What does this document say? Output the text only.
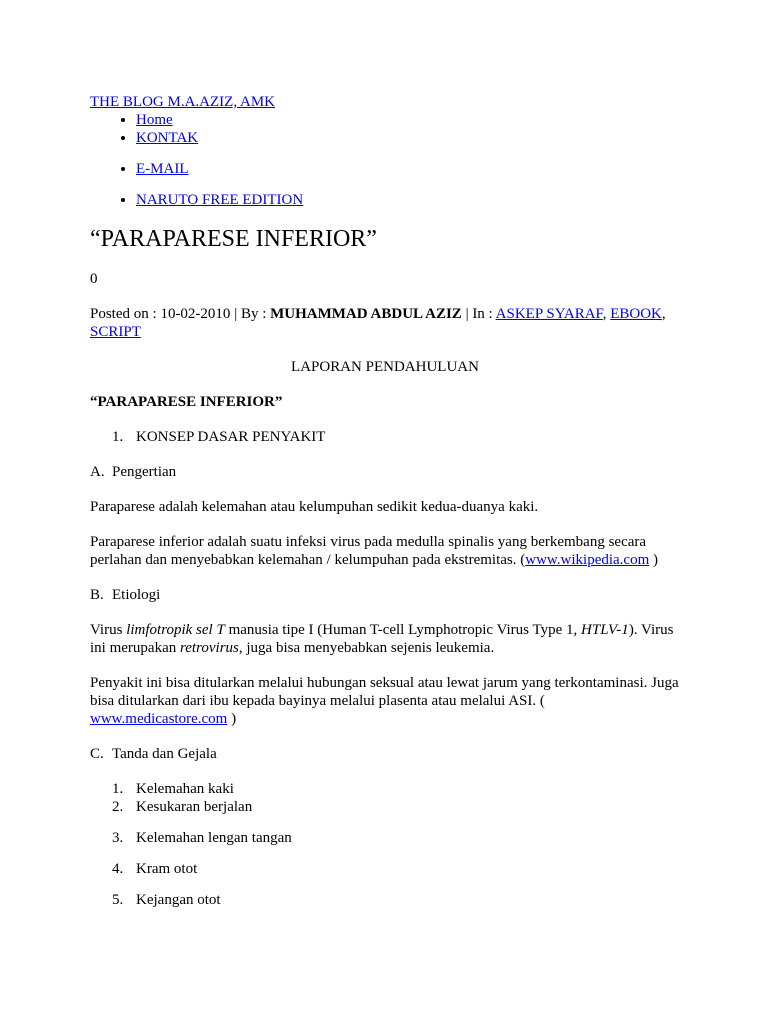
THE BLOG M.A.AZIZ, AMK
• Home
• KONTAK
• E-MAIL
• NARUTO FREE EDITION
“PARAPARESE INFERIOR”

0

Posted on : 10-02-2010 | By : MUHAMMAD ABDUL AZIZ | In : ASKEP SYARAF, EBOOK, SCRIPT

LAPORAN PENDAHULUAN

“PARAPARESE INFERIOR”

1. KONSEP DASAR PENYAKIT

A. Pengertian

Paraparese adalah kelemahan atau kelumpuhan sedikit kedua-duanya kaki.

Paraparese inferior adalah suatu infeksi virus pada medulla spinalis yang berkembang secara perlahan dan menyebabkan kelemahan / kelumpuhan pada ekstremitas. (www.wikipedia.com )

B. Etiologi

Virus limfotropik sel T manusia tipe I (Human T-cell Lymphotropic Virus Type 1, HTLV-1). Virus ini merupakan retrovirus, juga bisa menyebabkan sejenis leukemia.

Penyakit ini bisa ditularkan melalui hubungan seksual atau lewat jarum yang terkontaminasi. Juga bisa ditularkan dari ibu kepada bayinya melalui plasenta atau melalui ASI. ( www.medicastore.com )

C. Tanda dan Gejala

1. Kelemahan kaki
2. Kesukaran berjalan
3. Kelemahan lengan tangan
4. Kram otot
5. Kejangan otot
